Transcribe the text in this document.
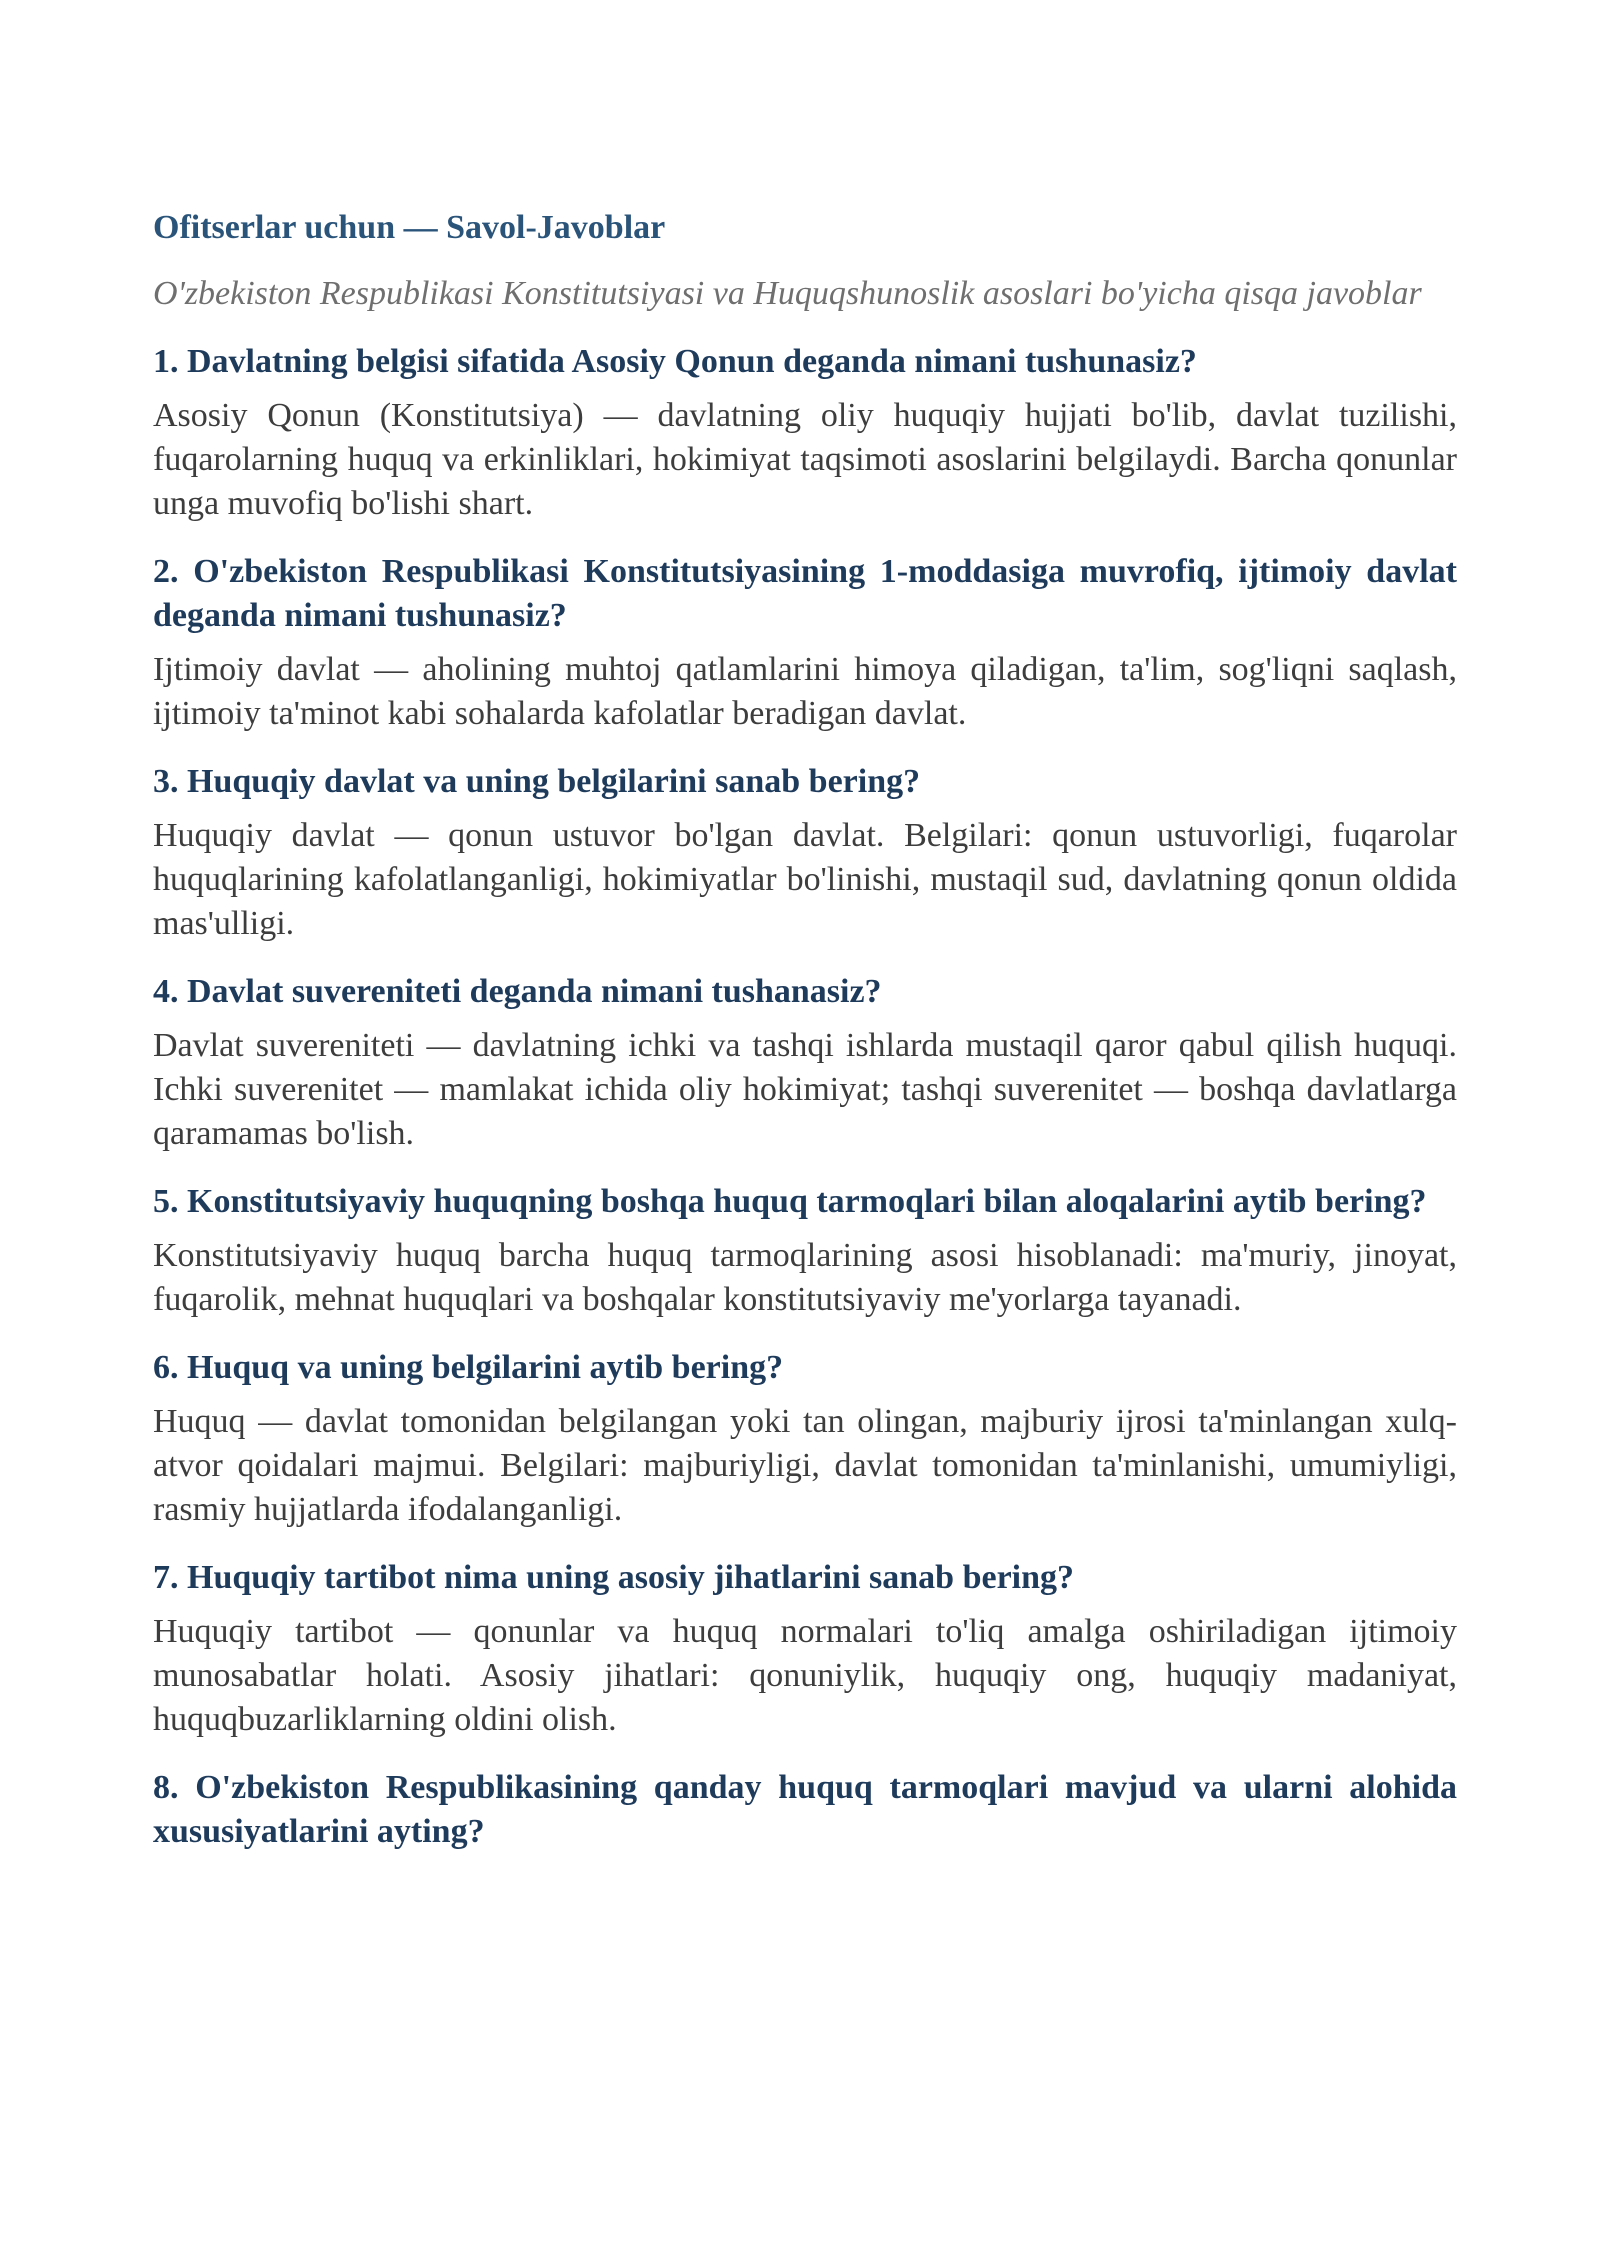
Ofitserlar uchun — Savol-Javoblar

O'zbekiston Respublikasi Konstitutsiyasi va Huquqshunoslik asoslari bo'yicha qisqa javoblar

1. Davlatning belgisi sifatida Asosiy Qonun deganda nimani tushunasiz?

Asosiy Qonun (Konstitutsiya) — davlatning oliy huquqiy hujjati bo'lib, davlat tuzilishi, fuqarolarning huquq va erkinliklari, hokimiyat taqsimoti asoslarini belgilaydi. Barcha qonunlar unga muvofiq bo'lishi shart.

2. O'zbekiston Respublikasi Konstitutsiyasining 1-moddasiga muvrofiq, ijtimoiy davlat deganda nimani tushunasiz?

Ijtimoiy davlat — aholining muhtoj qatlamlarini himoya qiladigan, ta'lim, sog'liqni saqlash, ijtimoiy ta'minot kabi sohalarda kafolatlar beradigan davlat.

3. Huquqiy davlat va uning belgilarini sanab bering?

Huquqiy davlat — qonun ustuvor bo'lgan davlat. Belgilari: qonun ustuvorligi, fuqarolar huquqlarining kafolatlanganligi, hokimiyatlar bo'linishi, mustaqil sud, davlatning qonun oldida mas'ulligi.

4. Davlat suvereniteti deganda nimani tushanasiz?

Davlat suvereniteti — davlatning ichki va tashqi ishlarda mustaqil qaror qabul qilish huquqi. Ichki suverenitet — mamlakat ichida oliy hokimiyat; tashqi suverenitet — boshqa davlatlarga qaramamas bo'lish.

5. Konstitutsiyaviy huquqning boshqa huquq tarmoqlari bilan aloqalarini aytib bering?

Konstitutsiyaviy huquq barcha huquq tarmoqlarining asosi hisoblanadi: ma'muriy, jinoyat, fuqarolik, mehnat huquqlari va boshqalar konstitutsiyaviy me'yorlarga tayanadi.

6. Huquq va uning belgilarini aytib bering?

Huquq — davlat tomonidan belgilangan yoki tan olingan, majburiy ijrosi ta'minlangan xulq-atvor qoidalari majmui. Belgilari: majburiyligi, davlat tomonidan ta'minlanishi, umumiyligi, rasmiy hujjatlarda ifodalanganligi.

7. Huquqiy tartibot nima uning asosiy jihatlarini sanab bering?

Huquqiy tartibot — qonunlar va huquq normalari to'liq amalga oshiriladigan ijtimoiy munosabatlar holati. Asosiy jihatlari: qonuniylik, huquqiy ong, huquqiy madaniyat, huquqbuzarliklarning oldini olish.

8. O'zbekiston Respublikasining qanday huquq tarmoqlari mavjud va ularni alohida xususiyatlarini ayting?
